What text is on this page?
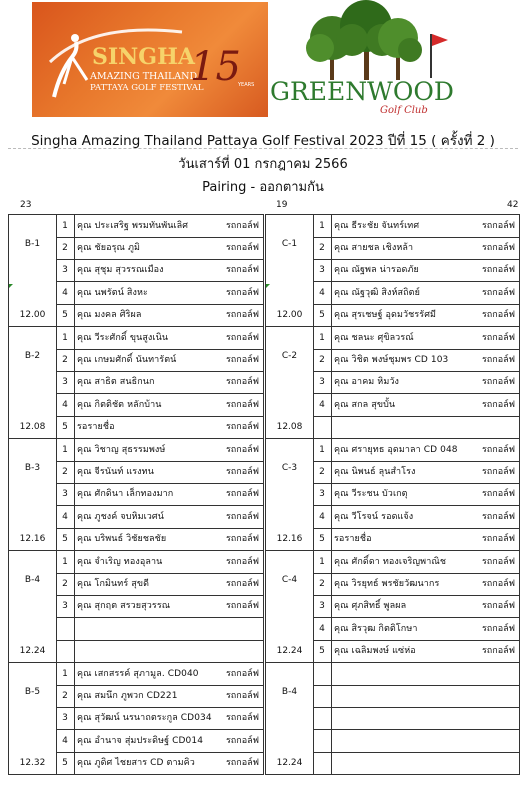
SINGHA
AMAZING THAILAND
PATTAYA GOLF FESTIVAL
15
YEARS GREENWOOD
Golf Club
Singha Amazing Thailand Pattaya Golf Festival 2023 ปีที่ 15 ( ครั้งที่ 2 )
วันเสาร์ที่ 01 กรกฎาคม 2566
Pairing - ออกตามกัน
23	19	42
B-1
12.00
1	คุณ ประเสริฐ พรมทันพันเลิศ	รถกอล์ฟ
2	คุณ ชัยอรุณ ภูมิ	รถกอล์ฟ
3	คุณ สุชุม สุวรรณเมือง	รถกอล์ฟ
4	คุณ นพรัตน์ สิงหะ	รถกอล์ฟ
5	คุณ มงคล ศิริผล	รถกอล์ฟ
B-2
12.08
1	คุณ วีระศักดิ์ ขุนสูงเนิน	รถกอล์ฟ
2	คุณ เกษมศักดิ์ นันทารัตน์	รถกอล์ฟ
3	คุณ สาธิต สนธิกนก	รถกอล์ฟ
4	คุณ กิตติชัต หลักบ้าน	รถกอล์ฟ
5	รอรายชื่อ	รถกอล์ฟ
B-3
12.16
1	คุณ วิชาญ สุธรรมพงษ์	รถกอล์ฟ
2	คุณ จีรนันท์ แรงทน	รถกอล์ฟ
3	คุณ ศักดินา เล็กทองมาก	รถกอล์ฟ
4	คุณ ภูชงค์ จบหิมเวศน์	รถกอล์ฟ
5	คุณ บริพนธ์ วิชัยชลชัย	รถกอล์ฟ
B-4
12.24
1	คุณ จำเริญ ทองอุลาน	รถกอล์ฟ
2	คุณ โกมินทร์ สุขดี	รถกอล์ฟ
3	คุณ สุกฤต สรวยสุวรรณ	รถกอล์ฟ
B-5
12.32
1	คุณ เสกสรรค์ สุภามูล. CD040	รถกอล์ฟ
2	คุณ สมนึก ภูพวก CD221	รถกอล์ฟ
3	คุณ สุวัฒน์ นรนาถตระกูล CD034 รถกอล์ฟ
4	คุณ อำนาจ สุ่มประดิษฐ์ CD014	รถกอล์ฟ
5	คุณ ภูดิศ ไชยสาร CD ตามคิว	รถกอล์ฟ
C-1
12.00
1	คุณ ธีระชัย จันทร์เทศ	รถกอล์ฟ
2	คุณ สายชล เชิงหล้า	รถกอล์ฟ
3	คุณ ณัฐพล น่ารอดภัย	รถกอล์ฟ
4	คุณ ณัฐวุฒิ สิงห์สถิตย์	รถกอล์ฟ
5	คุณ สุรเชษฐ์ อุดมวัชรรัศมี	รถกอล์ฟ
C-2
12.08
1	คุณ ชลนะ ศุขิลวรณ์	รถกอล์ฟ
2	คุณ วิชิต พงษ์ชุมพร CD 103	รถกอล์ฟ
3	คุณ อาคม หิมวัง	รถกอล์ฟ
4	คุณ สกล สุขบั้น	รถกอล์ฟ
C-3
12.16
1	คุณ ศรายุทธ อุดมาลา CD 048	รถกอล์ฟ
2	คุณ นิพนธ์ ลุนสำโรง	รถกอล์ฟ
3	คุณ วีระชน บัวเกตุ	รถกอล์ฟ
4	คุณ วีโรจน์ รอดแจ้ง	รถกอล์ฟ
5	รอรายชื่อ	รถกอล์ฟ
C-4
12.24
1	คุณ ศักดิ์ดา ทองเจริญพาณิช	รถกอล์ฟ
2	คุณ วิรยุทธ์ พรชัยวัฒนากร	รถกอล์ฟ
3	คุณ ศุภสิทธิ์ พูลผล	รถกอล์ฟ
4	คุณ สิรวุฒ กิตติโกษา	รถกอล์ฟ
5	คุณ เฉลิมพงษ์ แซ่ห่อ	รถกอล์ฟ
B-4
12.24
